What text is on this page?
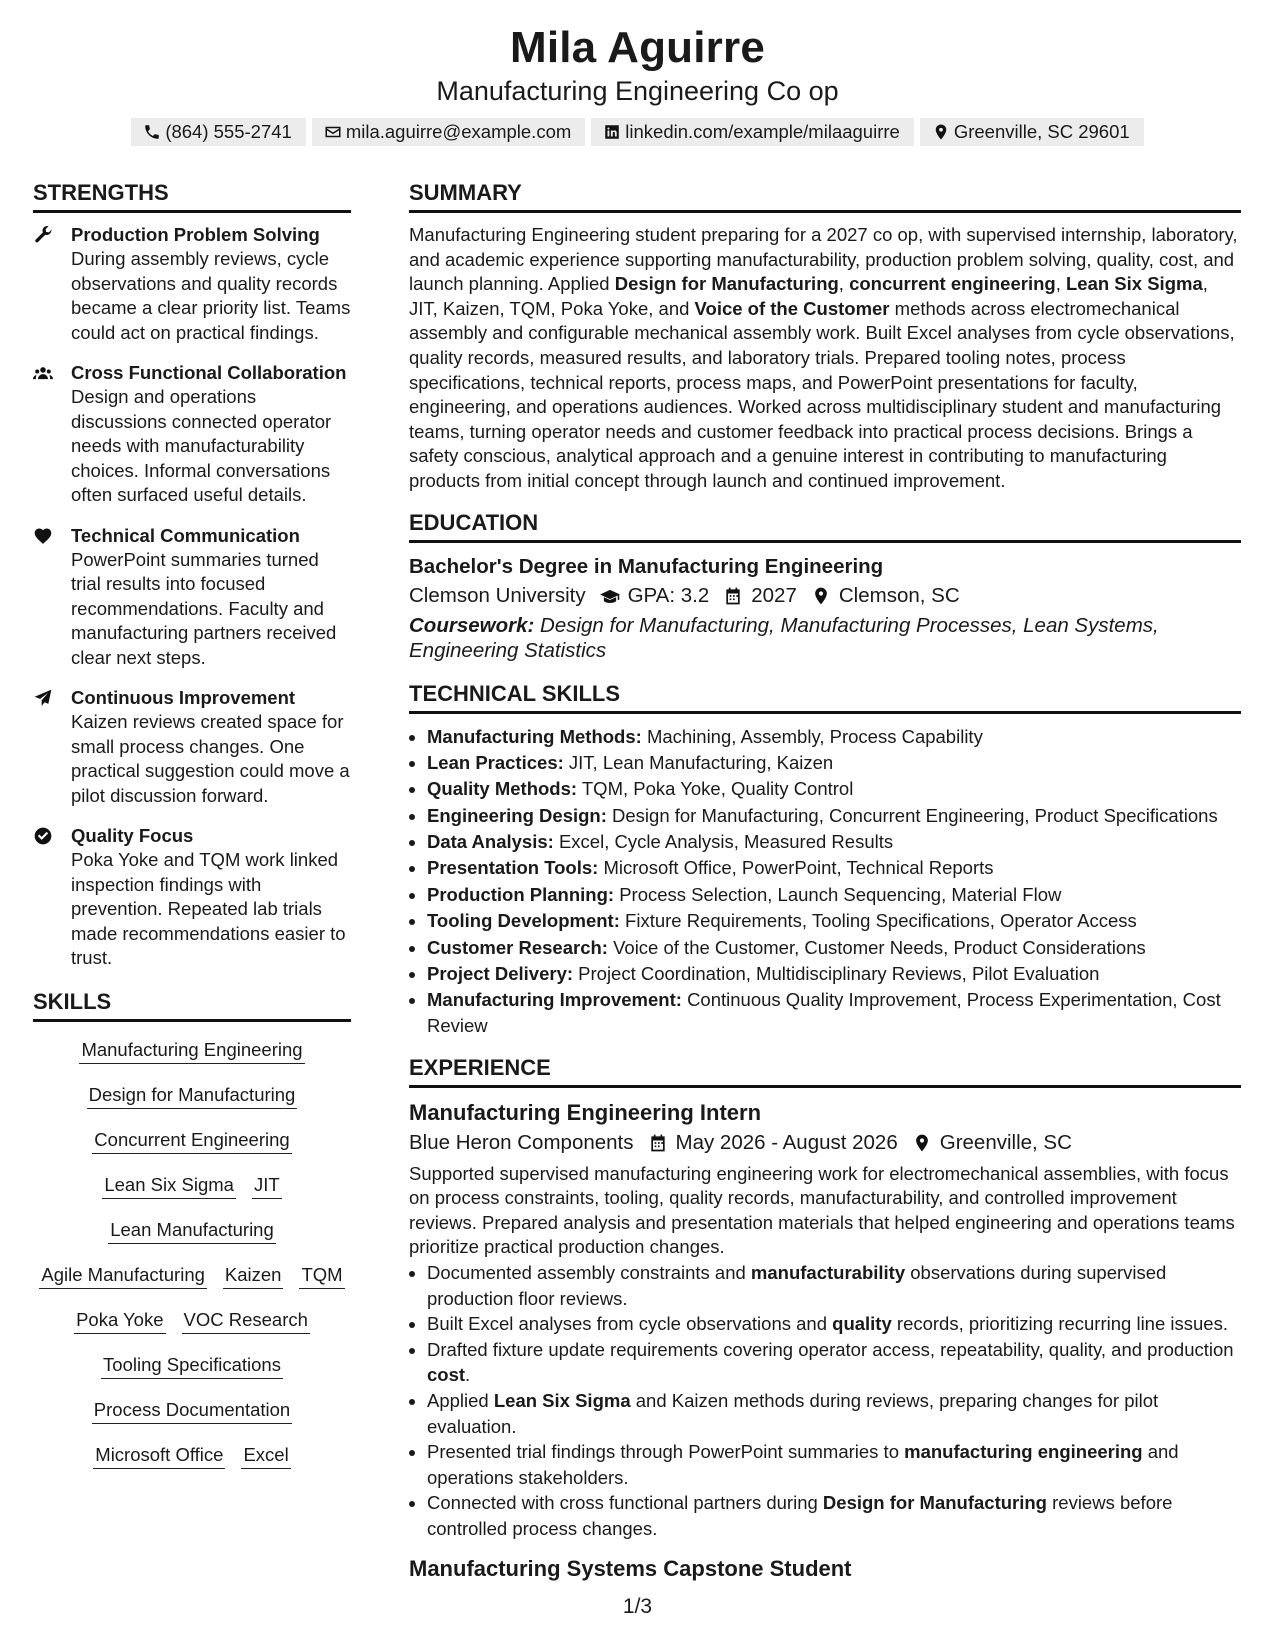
Mila Aguirre
Manufacturing Engineering Co op
(864) 555-2741	mila.aguirre@example.com	linkedin.com/example/milaaguirre	Greenville, SC 29601
STRENGTHS
Production Problem Solving
During assembly reviews, cycle observations and quality records became a clear priority list. Teams could act on practical findings.
Cross Functional Collaboration
Design and operations discussions connected operator needs with manufacturability choices. Informal conversations often surfaced useful details.
Technical Communication
PowerPoint summaries turned trial results into focused recommendations. Faculty and manufacturing partners received clear next steps.
Continuous Improvement
Kaizen reviews created space for small process changes. One practical suggestion could move a pilot discussion forward.
Quality Focus
Poka Yoke and TQM work linked inspection findings with prevention. Repeated lab trials made recommendations easier to trust.
SKILLS
Manufacturing Engineering
Design for Manufacturing
Concurrent Engineering
Lean Six Sigma JIT
Lean Manufacturing
Agile Manufacturing Kaizen TQM
Poka Yoke VOC Research
Tooling Specifications
Process Documentation
Microsoft Office Excel
SUMMARY

Manufacturing Engineering student preparing for a 2027 co op, with supervised internship, laboratory, and academic experience supporting manufacturability, production problem solving, quality, cost, and launch planning. Applied Design for Manufacturing, concurrent engineering, Lean Six Sigma, JIT, Kaizen, TQM, Poka Yoke, and Voice of the Customer methods across electromechanical assembly and configurable mechanical assembly work. Built Excel analyses from cycle observations, quality records, measured results, and laboratory trials. Prepared tooling notes, process specifications, technical reports, process maps, and PowerPoint presentations for faculty, engineering, and operations audiences. Worked across multidisciplinary student and manufacturing teams, turning operator needs and customer feedback into practical process decisions. Brings a safety conscious, analytical approach and a genuine interest in contributing to manufacturing products from initial concept through launch and continued improvement.

EDUCATION
Bachelor's Degree in Manufacturing Engineering
Clemson University GPA: 3.2 2027 Clemson, SC
Coursework: Design for Manufacturing, Manufacturing Processes, Lean Systems, Engineering Statistics
TECHNICAL SKILLS
• Manufacturing Methods: Machining, Assembly, Process Capability
• Lean Practices: JIT, Lean Manufacturing, Kaizen
• Quality Methods: TQM, Poka Yoke, Quality Control
• Engineering Design: Design for Manufacturing, Concurrent Engineering, Product Specifications
• Data Analysis: Excel, Cycle Analysis, Measured Results
• Presentation Tools: Microsoft Office, PowerPoint, Technical Reports
• Production Planning: Process Selection, Launch Sequencing, Material Flow
• Tooling Development: Fixture Requirements, Tooling Specifications, Operator Access
• Customer Research: Voice of the Customer, Customer Needs, Product Considerations
• Project Delivery: Project Coordination, Multidisciplinary Reviews, Pilot Evaluation
• Manufacturing Improvement: Continuous Quality Improvement, Process Experimentation, Cost Review
EXPERIENCE
Manufacturing Engineering Intern
Blue Heron Components May 2026 - August 2026 Greenville, SC

Supported supervised manufacturing engineering work for electromechanical assemblies, with focus on process constraints, tooling, quality records, manufacturability, and controlled improvement reviews. Prepared analysis and presentation materials that helped engineering and operations teams prioritize practical production changes.

• Documented assembly constraints and manufacturability observations during supervised production floor reviews.
• Built Excel analyses from cycle observations and quality records, prioritizing recurring line issues.
• Drafted fixture update requirements covering operator access, repeatability, quality, and production cost.
• Applied Lean Six Sigma and Kaizen methods during reviews, preparing changes for pilot evaluation.
• Presented trial findings through PowerPoint summaries to manufacturing engineering and operations stakeholders.
• Connected with cross functional partners during Design for Manufacturing reviews before controlled process changes.
Manufacturing Systems Capstone Student
1/3
